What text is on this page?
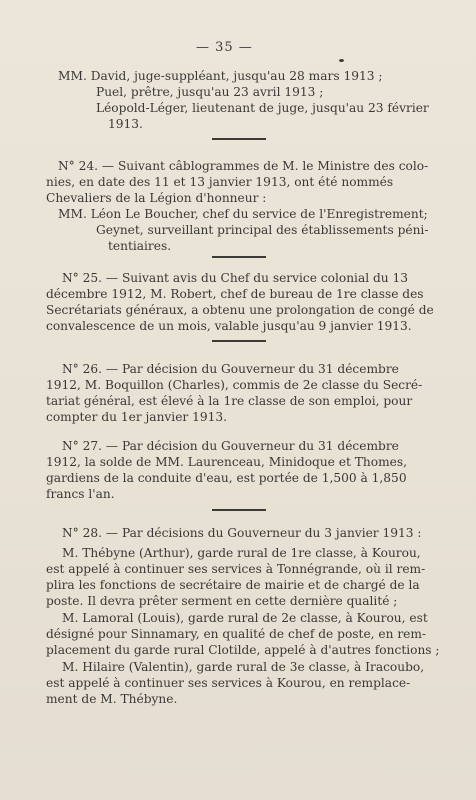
— 35 —
MM. David, juge-suppléant, jusqu'au 28 mars 1913 ;
Puel, prêtre, jusqu'au 23 avril 1913 ;
Léopold-Léger, lieutenant de juge, jusqu'au 23 février
1913.
N° 24. — Suivant câblogrammes de M. le Ministre des colo-
nies, en date des 11 et 13 janvier 1913, ont été nommés
Chevaliers de la Légion d'honneur :
MM. Léon Le Boucher, chef du service de l'Enregistrement;
Geynet, surveillant principal des établissements péni-
tentiaires.
N° 25. — Suivant avis du Chef du service colonial du 13
décembre 1912, M. Robert, chef de bureau de 1re classe des
Secrétariats généraux, a obtenu une prolongation de congé de
convalescence de un mois, valable jusqu'au 9 janvier 1913.
N° 26. — Par décision du Gouverneur du 31 décembre
1912, M. Boquillon (Charles), commis de 2e classe du Secré-
tariat général, est élevé à la 1re classe de son emploi, pour
compter du 1er janvier 1913.
N° 27. — Par décision du Gouverneur du 31 décembre
1912, la solde de MM. Laurenceau, Minidoque et Thomes,
gardiens de la conduite d'eau, est portée de 1,500 à 1,850
francs l'an.
N° 28. — Par décisions du Gouverneur du 3 janvier 1913 :
M. Thébyne (Arthur), garde rural de 1re classe, à Kourou,
est appelé à continuer ses services à Tonnégrande, où il rem-
plira les fonctions de secrétaire de mairie et de chargé de la
poste. Il devra prêter serment en cette dernière qualité ;
M. Lamoral (Louis), garde rural de 2e classe, à Kourou, est
désigné pour Sinnamary, en qualité de chef de poste, en rem-
placement du garde rural Clotilde, appelé à d'autres fonctions ;
M. Hilaire (Valentin), garde rural de 3e classe, à Iracoubo,
est appelé à continuer ses services à Kourou, en remplace-
ment de M. Thébyne.
